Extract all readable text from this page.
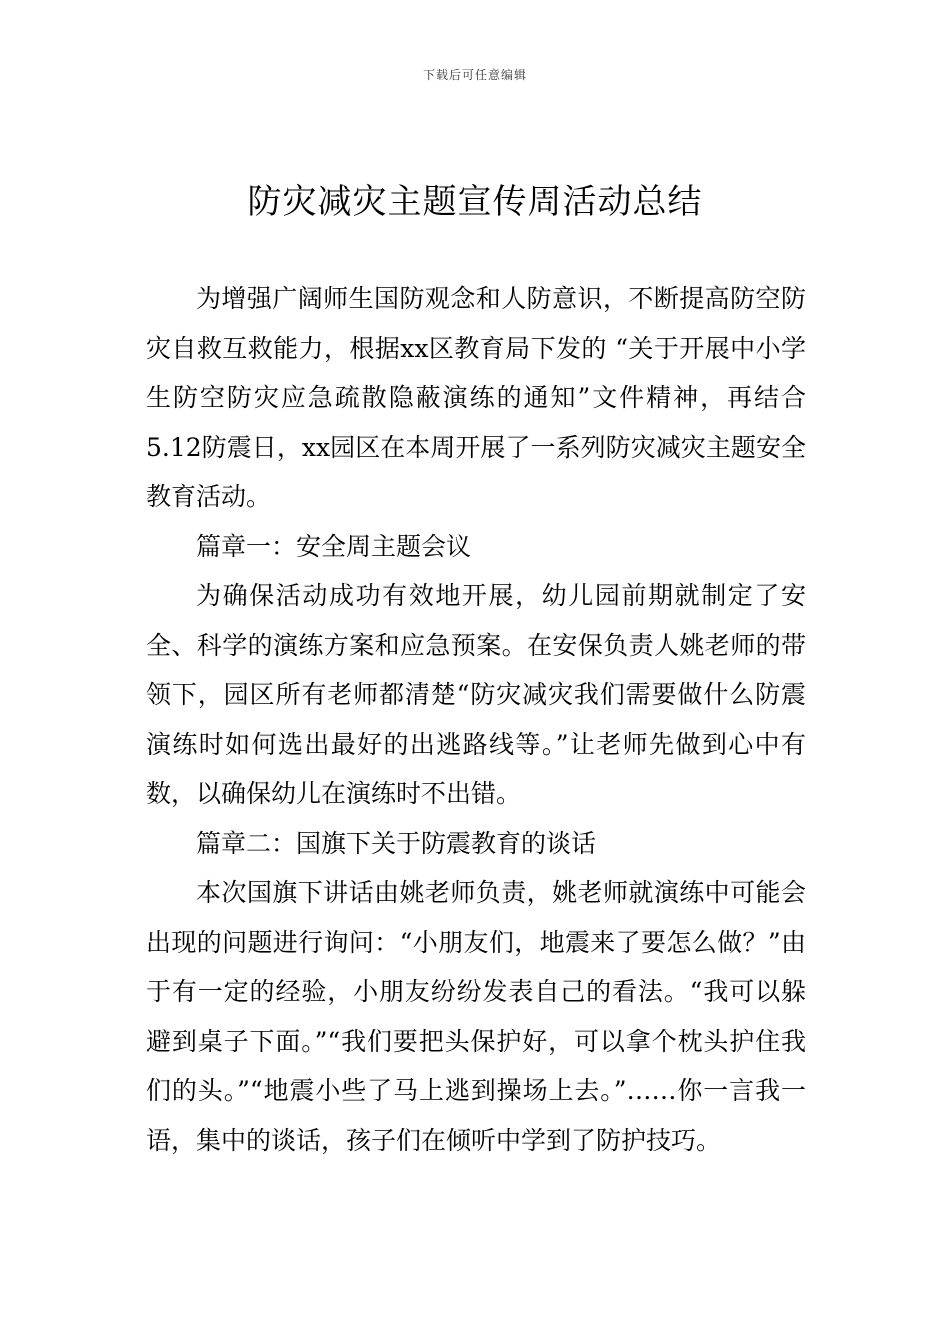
下载后可任意编辑
防灾减灾主题宣传周活动总结

为增强广阔师生国防观念和人防意识，不断提高防空防灾自救互救能力，根据xx区教育局下发的 “关于开展中小学生防空防灾应急疏散隐蔽演练的通知”文件精神，再结合5.12防震日，xx园区在本周开展了一系列防灾减灾主题安全教育活动。

篇章一：安全周主题会议

为确保活动成功有效地开展，幼儿园前期就制定了安全、科学的演练方案和应急预案。在安保负责人姚老师的带领下，园区所有老师都清楚“防灾减灾我们需要做什么防震演练时如何选出最好的出逃路线等。”让老师先做到心中有数，以确保幼儿在演练时不出错。

篇章二：国旗下关于防震教育的谈话

本次国旗下讲话由姚老师负责，姚老师就演练中可能会出现的问题进行询问：“小朋友们，地震来了要怎么做？”由于有一定的经验，小朋友纷纷发表自己的看法。“我可以躲避到桌子下面。”“我们要把头保护好，可以拿个枕头护住我们的头。”“地震小些了马上逃到操场上去。”……你一言我一语，集中的谈话，孩子们在倾听中学到了防护技巧。
